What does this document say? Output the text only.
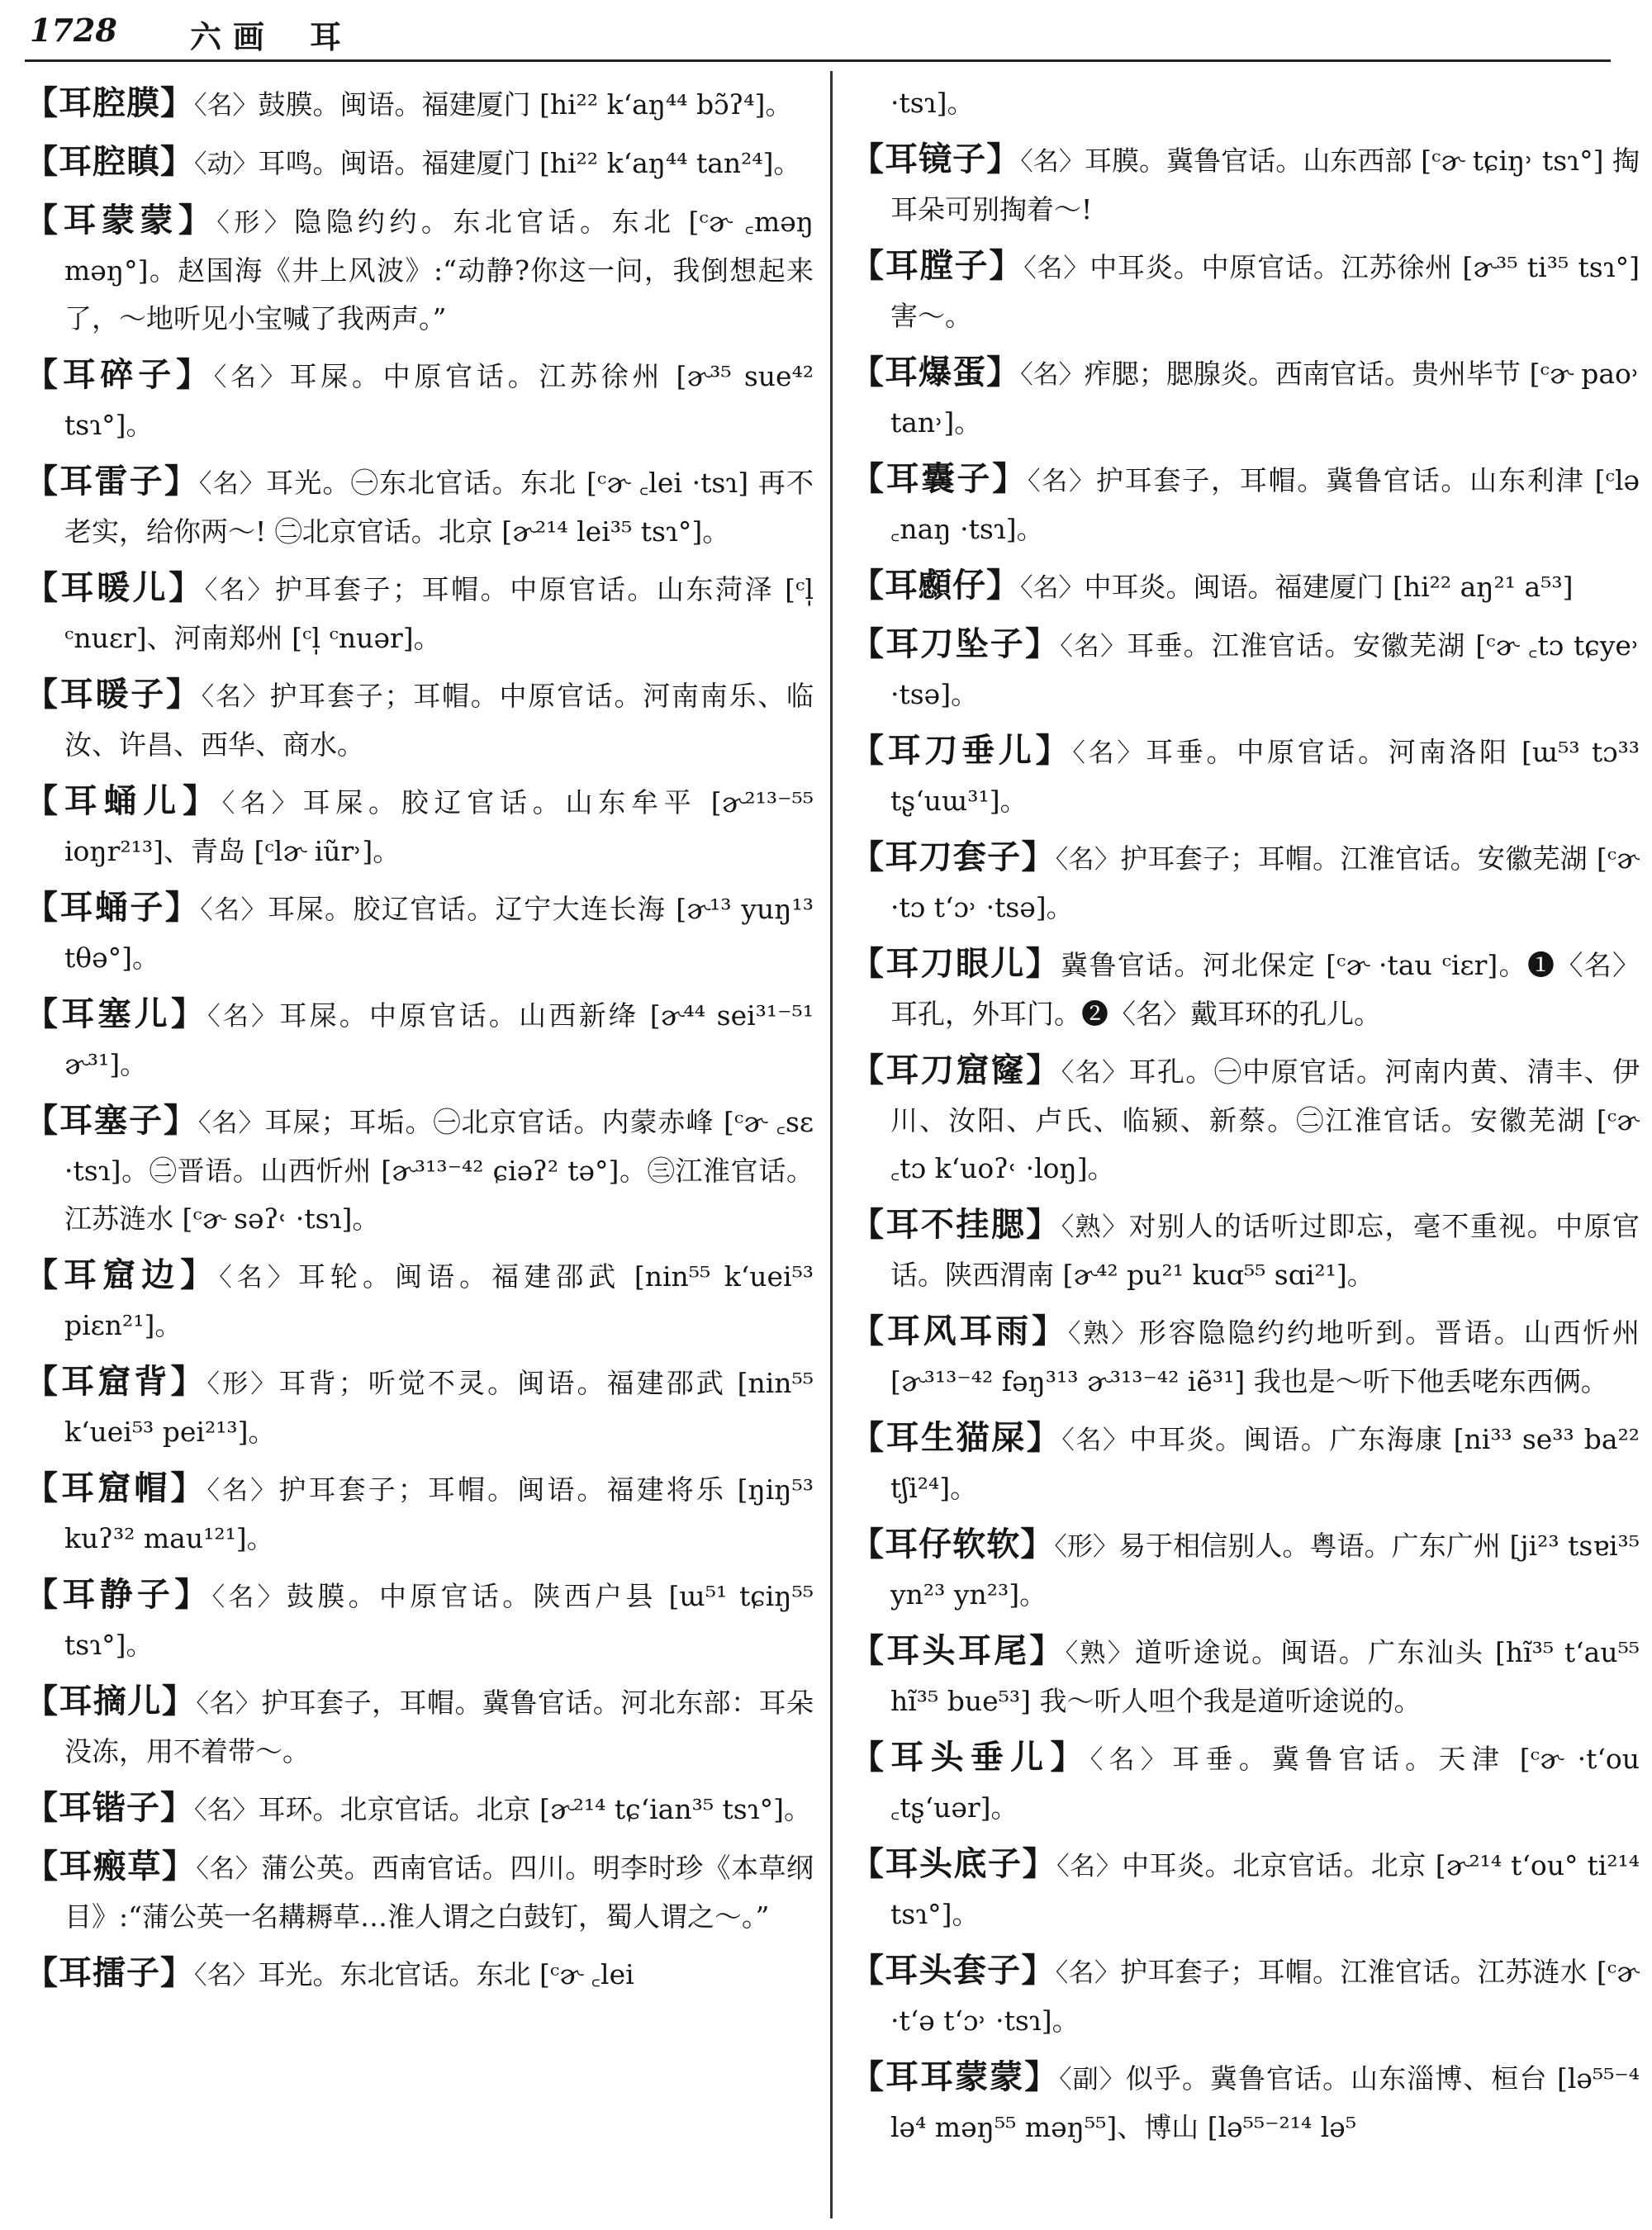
1728 六画 耳
【耳腔膜】〈名〉鼓膜。闽语。福建厦门 [hi²² k‘aŋ⁴⁴ bɔ̃ʔ⁴]。
【耳腔瞋】〈动〉耳鸣。闽语。福建厦门 [hi²² k‘aŋ⁴⁴ tan²⁴]。
【耳蒙蒙】〈形〉隐隐约约。东北官话。东北 [ᶜɚ ꜀məŋ məŋ°]。赵国海《井上风波》:“动静?你这一问，我倒想起来了，～地听见小宝喊了我两声。”
【耳碎子】〈名〉耳屎。中原官话。江苏徐州 [ɚ³⁵ sue⁴² tsɿ°]。
【耳雷子】〈名〉耳光。㊀东北官话。东北 [ᶜɚ ꜀lei ·tsɿ] 再不老实，给你两～! ㊁北京官话。北京 [ɚ²¹⁴ lei³⁵ tsɿ°]。
【耳暖儿】〈名〉护耳套子；耳帽。中原官话。山东菏泽 [ᶜl̩ ᶜnuɛr]、河南郑州 [ᶜl̩ ᶜnuər]。
【耳暖子】〈名〉护耳套子；耳帽。中原官话。河南南乐、临汝、许昌、西华、商水。
【耳蛹儿】〈名〉耳屎。胶辽官话。山东牟平 [ɚ²¹³⁻⁵⁵ ioŋr²¹³]、青岛 [ᶜlɚ iũr˒]。
【耳蛹子】〈名〉耳屎。胶辽官话。辽宁大连长海 [ɚ¹³ yuŋ¹³ tθə°]。
【耳塞儿】〈名〉耳屎。中原官话。山西新绛 [ɚ⁴⁴ sei³¹⁻⁵¹ ɚ³¹]。
【耳塞子】〈名〉耳屎；耳垢。㊀北京官话。内蒙赤峰 [ᶜɚ ꜀sɛ ·tsɿ]。㊁晋语。山西忻州 [ɚ³¹³⁻⁴² ɕiəʔ² tə°]。㊂江淮官话。江苏涟水 [ᶜɚ səʔ˓ ·tsɿ]。
【耳窟边】〈名〉耳轮。闽语。福建邵武 [nin⁵⁵ k‘uei⁵³ piɛn²¹]。
【耳窟背】〈形〉耳背；听觉不灵。闽语。福建邵武 [nin⁵⁵ k‘uei⁵³ pei²¹³]。
【耳窟帽】〈名〉护耳套子；耳帽。闽语。福建将乐 [ŋiŋ⁵³ kuʔ³² mau¹²¹]。
【耳静子】〈名〉鼓膜。中原官话。陕西户县 [ɯ⁵¹ tɕiŋ⁵⁵ tsɿ°]。
【耳摘儿】〈名〉护耳套子，耳帽。冀鲁官话。河北东部：耳朵没冻，用不着带～。
【耳锴子】〈名〉耳环。北京官话。北京 [ɚ²¹⁴ tɕ‘ian³⁵ tsɿ°]。
【耳瘢草】〈名〉蒲公英。西南官话。四川。明李时珍《本草纲目》:“蒲公英一名耩耨草…淮人谓之白鼓钉，蜀人谓之～。”
【耳擂子】〈名〉耳光。东北官话。东北 [ᶜɚ ꜀lei
·tsɿ]。
【耳镜子】〈名〉耳膜。冀鲁官话。山东西部 [ᶜɚ tɕiŋ˒ tsɿ°] 掏耳朵可别掏着～!
【耳膛子】〈名〉中耳炎。中原官话。江苏徐州 [ɚ³⁵ ti³⁵ tsɿ°] 害～。
【耳爆蛋】〈名〉痄腮；腮腺炎。西南官话。贵州毕节 [ᶜɚ pao˒ tan˒]。
【耳囊子】〈名〉护耳套子，耳帽。冀鲁官话。山东利津 [ᶜlə ꜀naŋ ·tsɿ]。
【耳䫲仔】〈名〉中耳炎。闽语。福建厦门 [hi²² aŋ²¹ a⁵³]
【耳刀坠子】〈名〉耳垂。江淮官话。安徽芜湖 [ᶜɚ ꜀tɔ tɕye˒ ·tsə]。
【耳刀垂儿】〈名〉耳垂。中原官话。河南洛阳 [ɯ⁵³ tɔ³³ tʂ‘uɯ³¹]。
【耳刀套子】〈名〉护耳套子；耳帽。江淮官话。安徽芜湖 [ᶜɚ ·tɔ t‘ɔ˒ ·tsə]。
【耳刀眼儿】冀鲁官话。河北保定 [ᶜɚ ·tau ᶜiɛr]。❶〈名〉耳孔，外耳门。❷〈名〉戴耳环的孔儿。
【耳刀窟窿】〈名〉耳孔。㊀中原官话。河南内黄、清丰、伊川、汝阳、卢氏、临颍、新蔡。㊁江淮官话。安徽芜湖 [ᶜɚ ꜀tɔ k‘uoʔ˓ ·loŋ]。
【耳不挂腮】〈熟〉对别人的话听过即忘，毫不重视。中原官话。陕西渭南 [ɚ⁴² pu²¹ kuɑ⁵⁵ sɑi²¹]。
【耳风耳雨】〈熟〉形容隐隐约约地听到。晋语。山西忻州 [ɚ³¹³⁻⁴² fəŋ³¹³ ɚ³¹³⁻⁴² iẽ³¹] 我也是～听下他丢咾东西俩。
【耳生猫屎】〈名〉中耳炎。闽语。广东海康 [ni³³ se³³ ba²² tʃi²⁴]。
【耳仔软软】〈形〉易于相信别人。粤语。广东广州 [ji²³ tsɐi³⁵ yn²³ yn²³]。
【耳头耳尾】〈熟〉道听途说。闽语。广东汕头 [hĩ³⁵ t‘au⁵⁵ hĩ³⁵ bue⁵³] 我～听人呾个我是道听途说的。
【耳头垂儿】〈名〉耳垂。冀鲁官话。天津 [ᶜɚ ·t‘ou ꜀tʂ‘uər]。
【耳头底子】〈名〉中耳炎。北京官话。北京 [ɚ²¹⁴ t‘ou° ti²¹⁴ tsɿ°]。
【耳头套子】〈名〉护耳套子；耳帽。江淮官话。江苏涟水 [ᶜɚ ·t‘ə t‘ɔ˒ ·tsɿ]。
【耳耳蒙蒙】〈副〉似乎。冀鲁官话。山东淄博、桓台 [lə⁵⁵⁻⁴ lə⁴ məŋ⁵⁵ məŋ⁵⁵]、博山 [lə⁵⁵⁻²¹⁴ lə⁵
